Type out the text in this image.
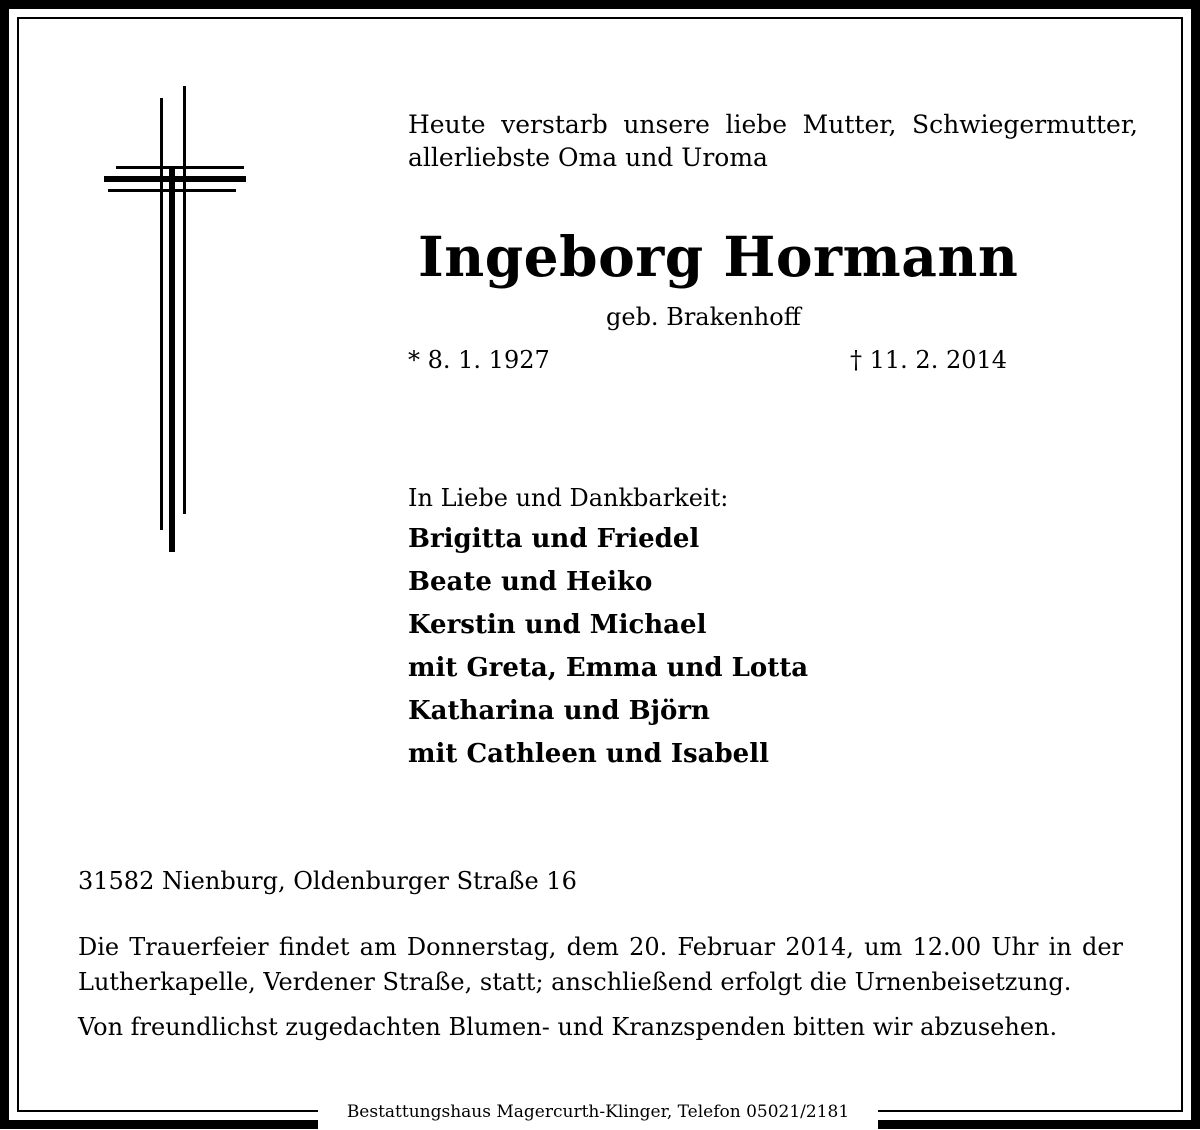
Heute verstarb unsere liebe Mutter, Schwiegermutter, allerliebste Oma und Uroma
Ingeborg Hormann
geb. Brakenhoff
* 8. 1. 1927	† 11. 2. 2014
In Liebe und Dankbarkeit:
Brigitta und Friedel
Beate und Heiko
Kerstin und Michael
mit Greta, Emma und Lotta
Katharina und Björn
mit Cathleen und Isabell
31582 Nienburg, Oldenburger Straße 16
Die Trauerfeier findet am Donnerstag, dem 20. Februar 2014, um 12.00 Uhr in der Lutherkapelle, Verdener Straße, statt; anschließend erfolgt die Urnenbeisetzung.
Von freundlichst zugedachten Blumen- und Kranzspenden bitten wir abzusehen.
Bestattungshaus Magercurth-Klinger, Telefon 05021/2181
